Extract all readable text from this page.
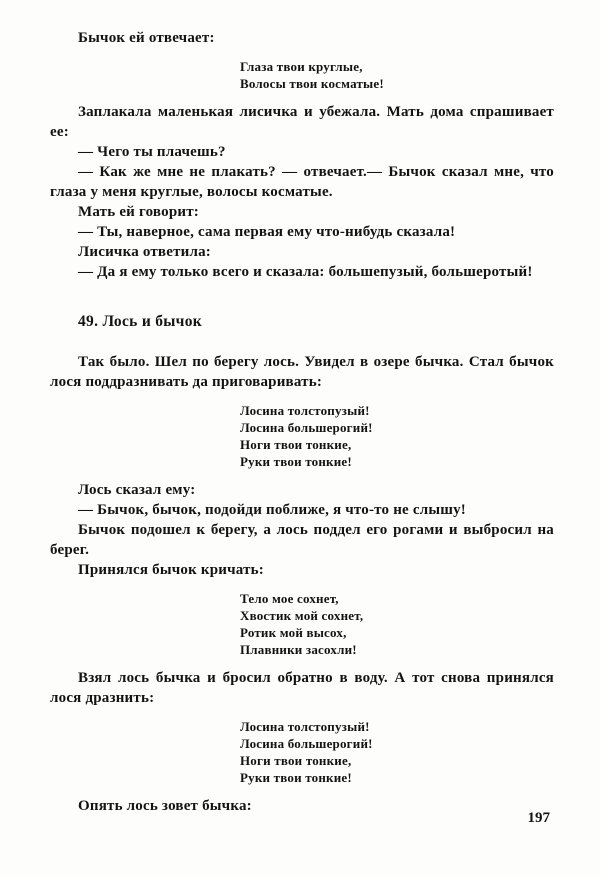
Бычок ей отвечает:

Глаза твои круглые,
Волосы твои косматые!

Заплакала маленькая лисичка и убежала. Мать дома спрашивает ее:

— Чего ты плачешь?

— Как же мне не плакать? — отвечает.— Бычок сказал мне, что глаза у меня круглые, волосы косматые.

Мать ей говорит:

— Ты, наверное, сама первая ему что-нибудь сказала!

Лисичка ответила:

— Да я ему только всего и сказала: большепузый, большеротый!

49. Лось и бычок

Так было. Шел по берегу лось. Увидел в озере бычка. Стал бычок лося поддразнивать да приговаривать:

Лосина толстопузый!
Лосина большерогий!
Ноги твои тонкие,
Руки твои тонкие!

Лось сказал ему:

— Бычок, бычок, подойди поближе, я что-то не слышу!

Бычок подошел к берегу, а лось поддел его рогами и выбросил на берег.

Принялся бычок кричать:

Тело мое сохнет,
Хвостик мой сохнет,
Ротик мой высох,
Плавники засохли!

Взял лось бычка и бросил обратно в воду. А тот снова принялся лося дразнить:

Лосина толстопузый!
Лосина большерогий!
Ноги твои тонкие,
Руки твои тонкие!

Опять лось зовет бычка:

197
